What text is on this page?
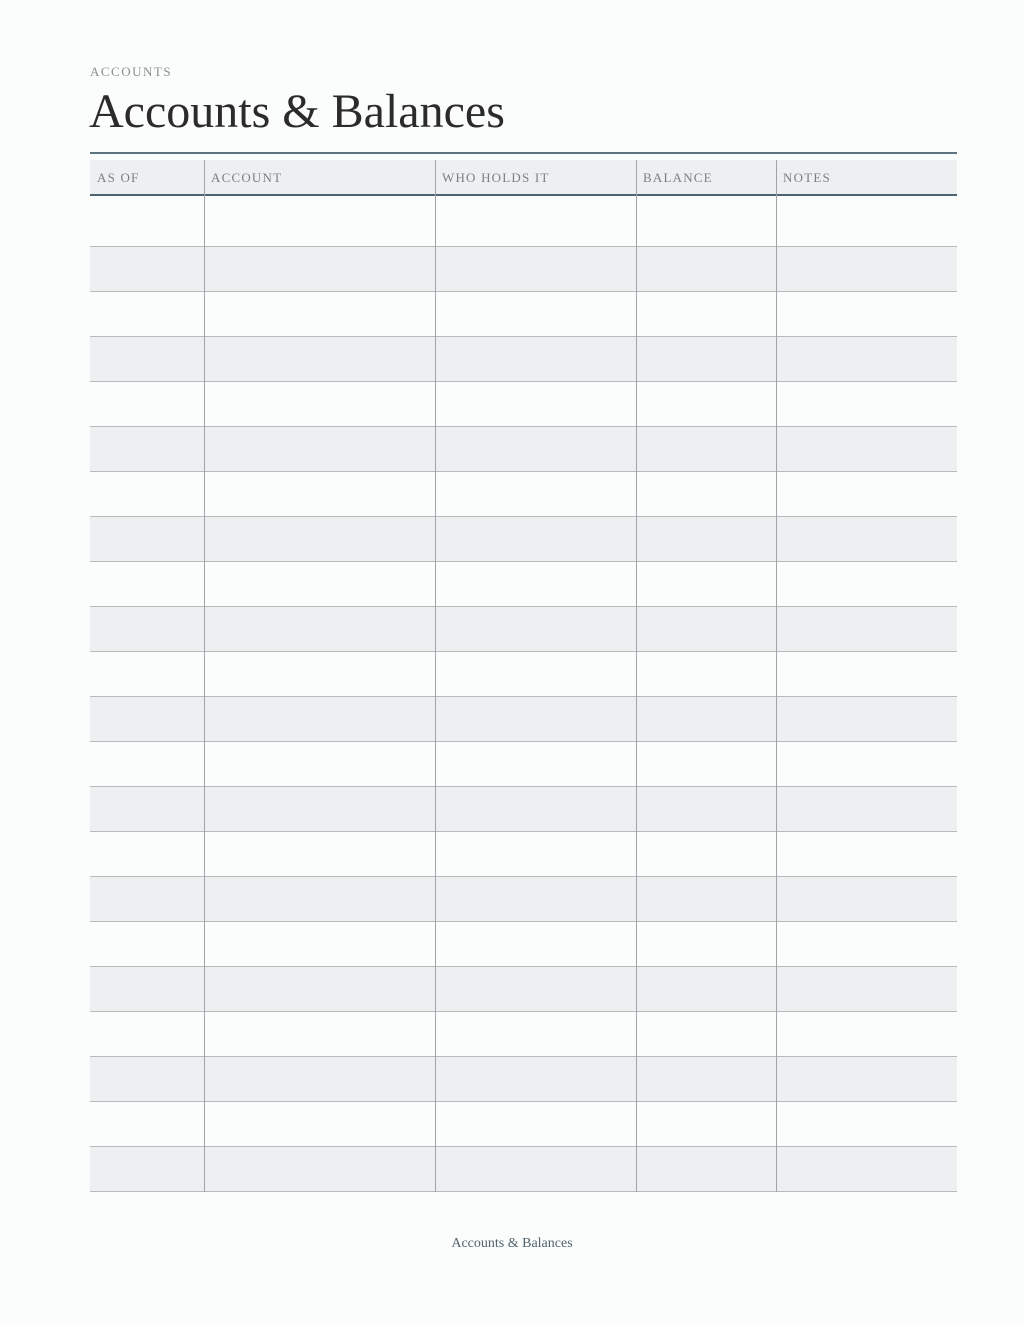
ACCOUNTS
Accounts & Balances
AS OF	ACCOUNT	WHO HOLDS IT	BALANCE	NOTES
Accounts & Balances
